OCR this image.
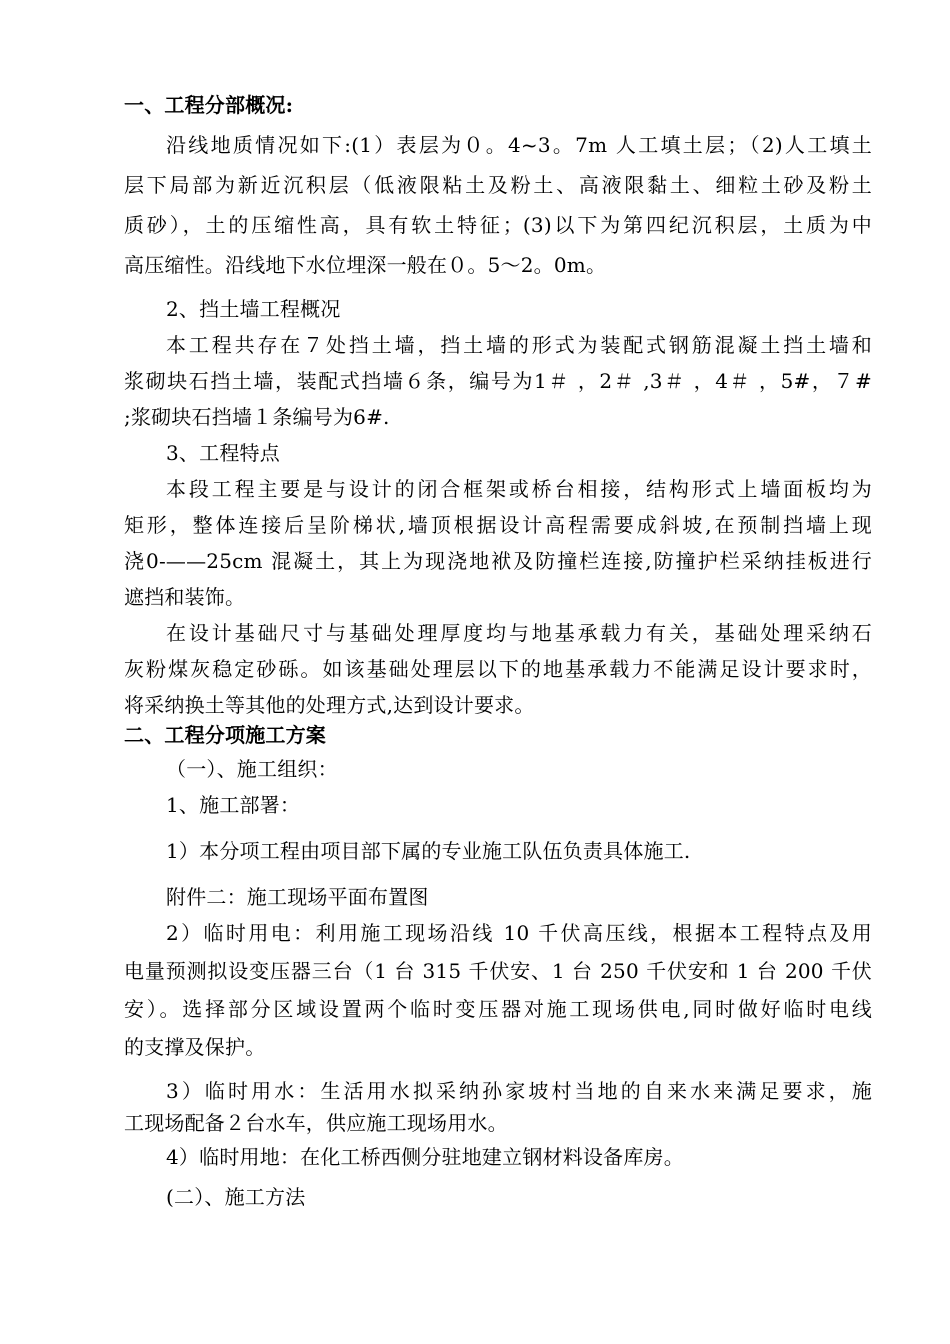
一、工程分部概况:
沿线地质情况如下:(1）表层为０。4~3。7m 人工填土层；（2)人工填土
层下局部为新近沉积层（低液限粘土及粉土、高液限黏土、细粒土砂及粉土
质砂），土的压缩性高，具有软土特征；(3)以下为第四纪沉积层，土质为中
高压缩性。沿线地下水位埋深一般在０。5～2。0m。
2、挡土墙工程概况
本工程共存在７处挡土墙，挡土墙的形式为装配式钢筋混凝土挡土墙和
浆砌块石挡土墙，装配式挡墙６条，编号为1＃ ，2＃ ,3＃ ，4＃ ，5#，７#
;浆砌块石挡墙１条编号为6#.
3、工程特点
本段工程主要是与设计的闭合框架或桥台相接，结构形式上墙面板均为
矩形，整体连接后呈阶梯状,墙顶根据设计高程需要成斜坡,在预制挡墙上现
浇0-——25cm 混凝土，其上为现浇地袱及防撞栏连接,防撞护栏采纳挂板进行
遮挡和装饰。
在设计基础尺寸与基础处理厚度均与地基承载力有关，基础处理采纳石
灰粉煤灰稳定砂砾。如该基础处理层以下的地基承载力不能满足设计要求时，
将采纳换土等其他的处理方式,达到设计要求。
二、工程分项施工方案
（一）、施工组织：
1、施工部署：
1）本分项工程由项目部下属的专业施工队伍负责具体施工.
附件二：施工现场平面布置图
2）临时用电：利用施工现场沿线 10 千伏高压线，根据本工程特点及用
电量预测拟设变压器三台（1 台 315 千伏安、1 台 250 千伏安和 1 台 200 千伏
安）。选择部分区域设置两个临时变压器对施工现场供电,同时做好临时电线
的支撑及保护。
3）临时用水：生活用水拟采纳孙家坡村当地的自来水来满足要求，施
工现场配备２台水车，供应施工现场用水。
4）临时用地：在化工桥西侧分驻地建立钢材料设备库房。
(二）、施工方法
